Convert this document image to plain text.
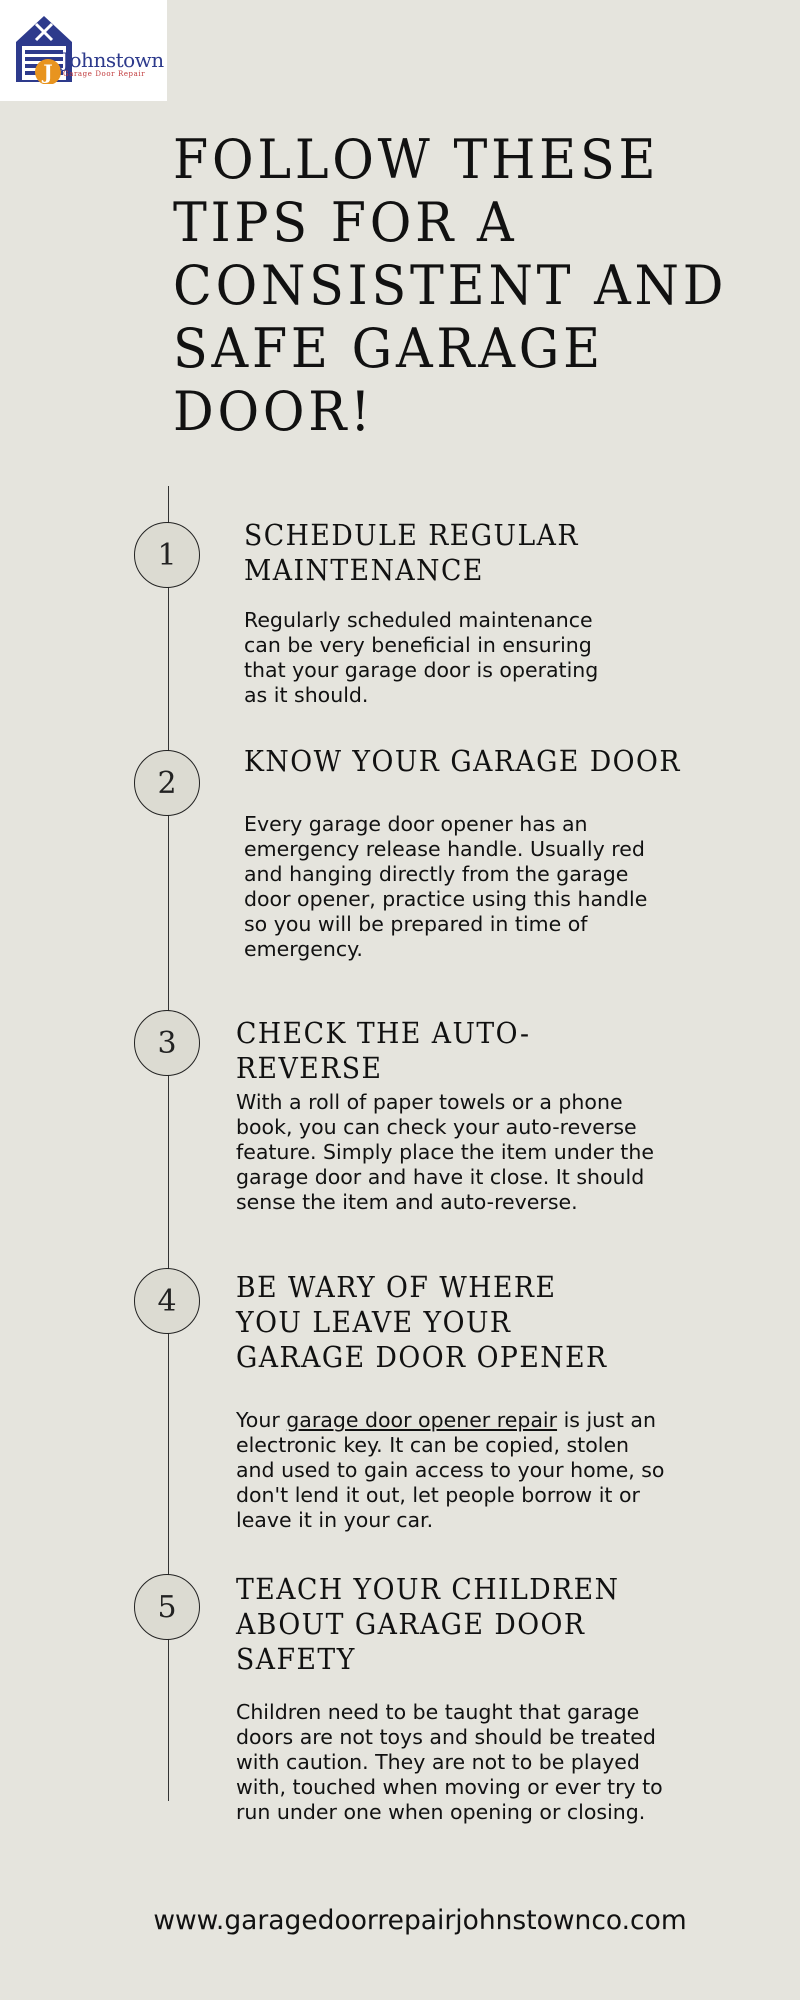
J Johnstown
Garage Door Repair
FOLLOW THESE TIPS FOR A CONSISTENT AND SAFE GARAGE DOOR!
1
SCHEDULE REGULAR MAINTENANCE

Regularly scheduled maintenance can be very beneficial in ensuring that your garage door is operating as it should.

2
KNOW YOUR GARAGE DOOR

Every garage door opener has an emergency release handle. Usually red and hanging directly from the garage door opener, practice using this handle so you will be prepared in time of emergency.

3	CHECK THE AUTO-REVERSE

With a roll of paper towels or a phone book, you can check your auto-reverse feature. Simply place the item under the garage door and have it close. It should sense the item and auto-reverse.

4	BE WARY OF WHERE YOU LEAVE YOUR GARAGE DOOR OPENER

Your garage door opener repair is just an electronic key. It can be copied, stolen and used to gain access to your home, so don't lend it out, let people borrow it or leave it in your car.

5
TEACH YOUR CHILDREN ABOUT GARAGE DOOR SAFETY

Children need to be taught that garage doors are not toys and should be treated with caution. They are not to be played with, touched when moving or ever try to run under one when opening or closing.

www.garagedoorrepairjohnstownco.com
